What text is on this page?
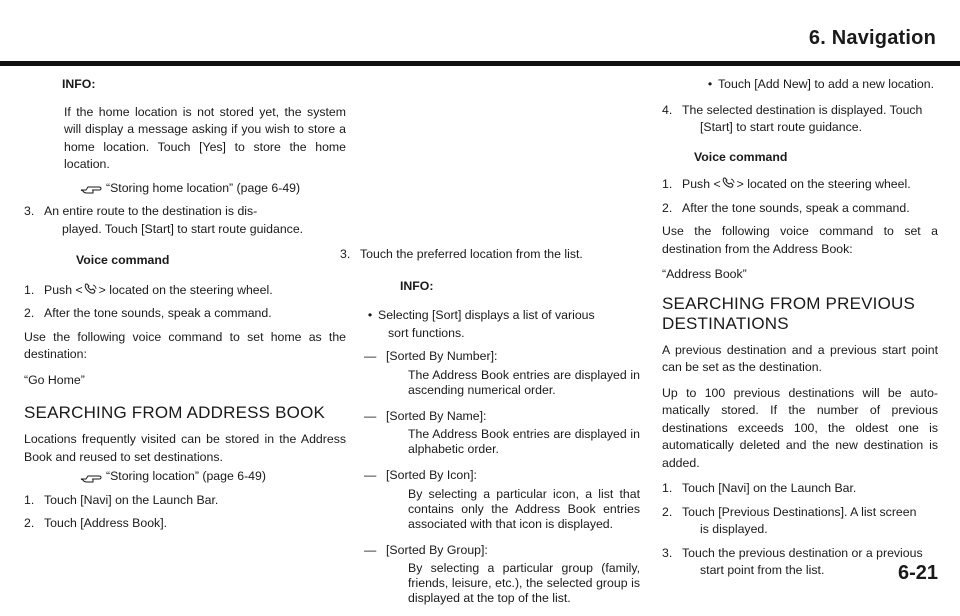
6. Navigation
INFO:
If the home location is not stored yet, the system will display a message asking if you wish to store a home location. Touch [Yes] to store the home location.
“Storing home location” (page 6-49)
3. An entire route to the destination is dis-
played. Touch [Start] to start route guidance.
Voice command
1. Push < > located on the steering wheel.
2. After the tone sounds, speak a command.
Use the following voice command to set home as the destination:
“Go Home”
SEARCHING FROM ADDRESS BOOK
Locations frequently visited can be stored in the Address Book and reused to set destinations.
“Storing location” (page 6-49)
1. Touch [Navi] on the Launch Bar.
2. Touch [Address Book].
3. Touch the preferred location from the list.
INFO:
• Selecting [Sort] displays a list of various
sort functions.
— [Sorted By Number]:
The Address Book entries are displayed in ascending numerical order.
— [Sorted By Name]:
The Address Book entries are displayed in alphabetic order.
— [Sorted By Icon]:
By selecting a particular icon, a list that contains only the Address Book entries associated with that icon is displayed.
— [Sorted By Group]:
By selecting a particular group (family, friends, leisure, etc.), the selected group is displayed at the top of the list.
• Touch [Add New] to add a new location.
4. The selected destination is displayed. Touch
[Start] to start route guidance.
Voice command
1. Push < > located on the steering wheel.
2. After the tone sounds, speak a command.
Use the following voice command to set a destination from the Address Book:
“Address Book”
SEARCHING FROM PREVIOUS DESTINATIONS
A previous destination and a previous start point can be set as the destination.
Up to 100 previous destinations will be auto-matically stored. If the number of previous destinations exceeds 100, the oldest one is automatically deleted and the new destination is added.
1. Touch [Navi] on the Launch Bar.
2. Touch [Previous Destinations]. A list screen
is displayed.
3. Touch the previous destination or a previous
start point from the list.	6-21
